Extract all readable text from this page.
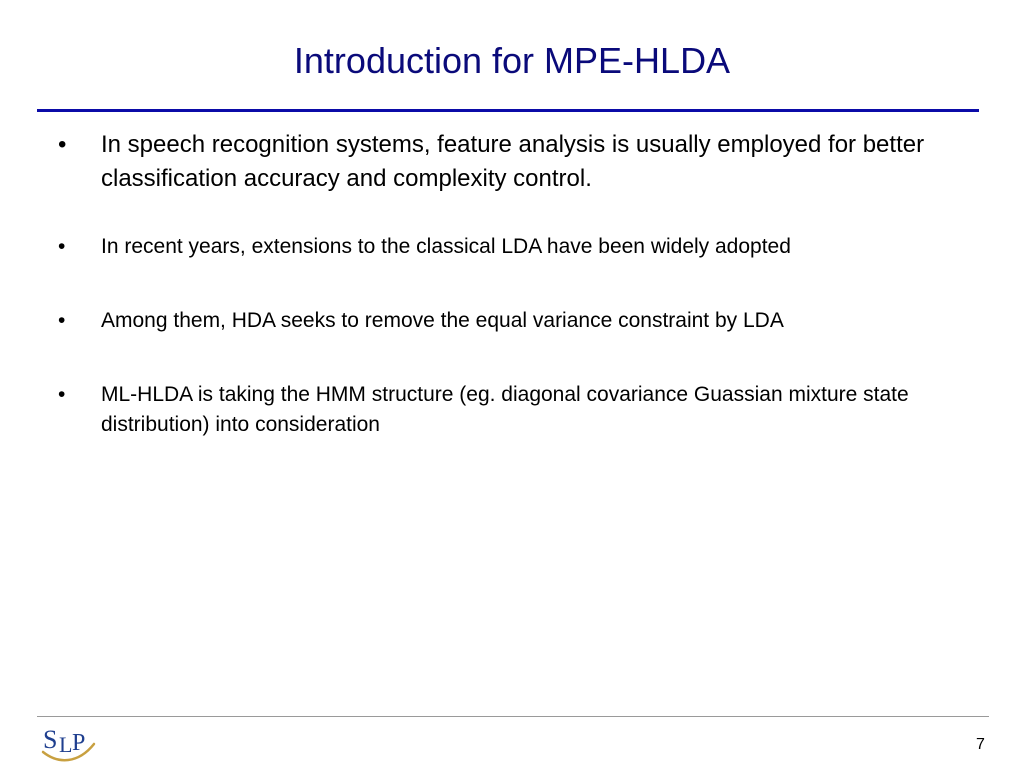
Introduction for MPE-HLDA
•	In speech recognition systems, feature analysis is usually employed for better classification accuracy and complexity control.
•	In recent years, extensions to the classical LDA have been widely adopted
•	Among them, HDA seeks to remove the equal variance constraint by LDA
•	ML-HLDA is taking the HMM structure (eg. diagonal covariance Guassian mixture state distribution) into consideration
S L P	7
